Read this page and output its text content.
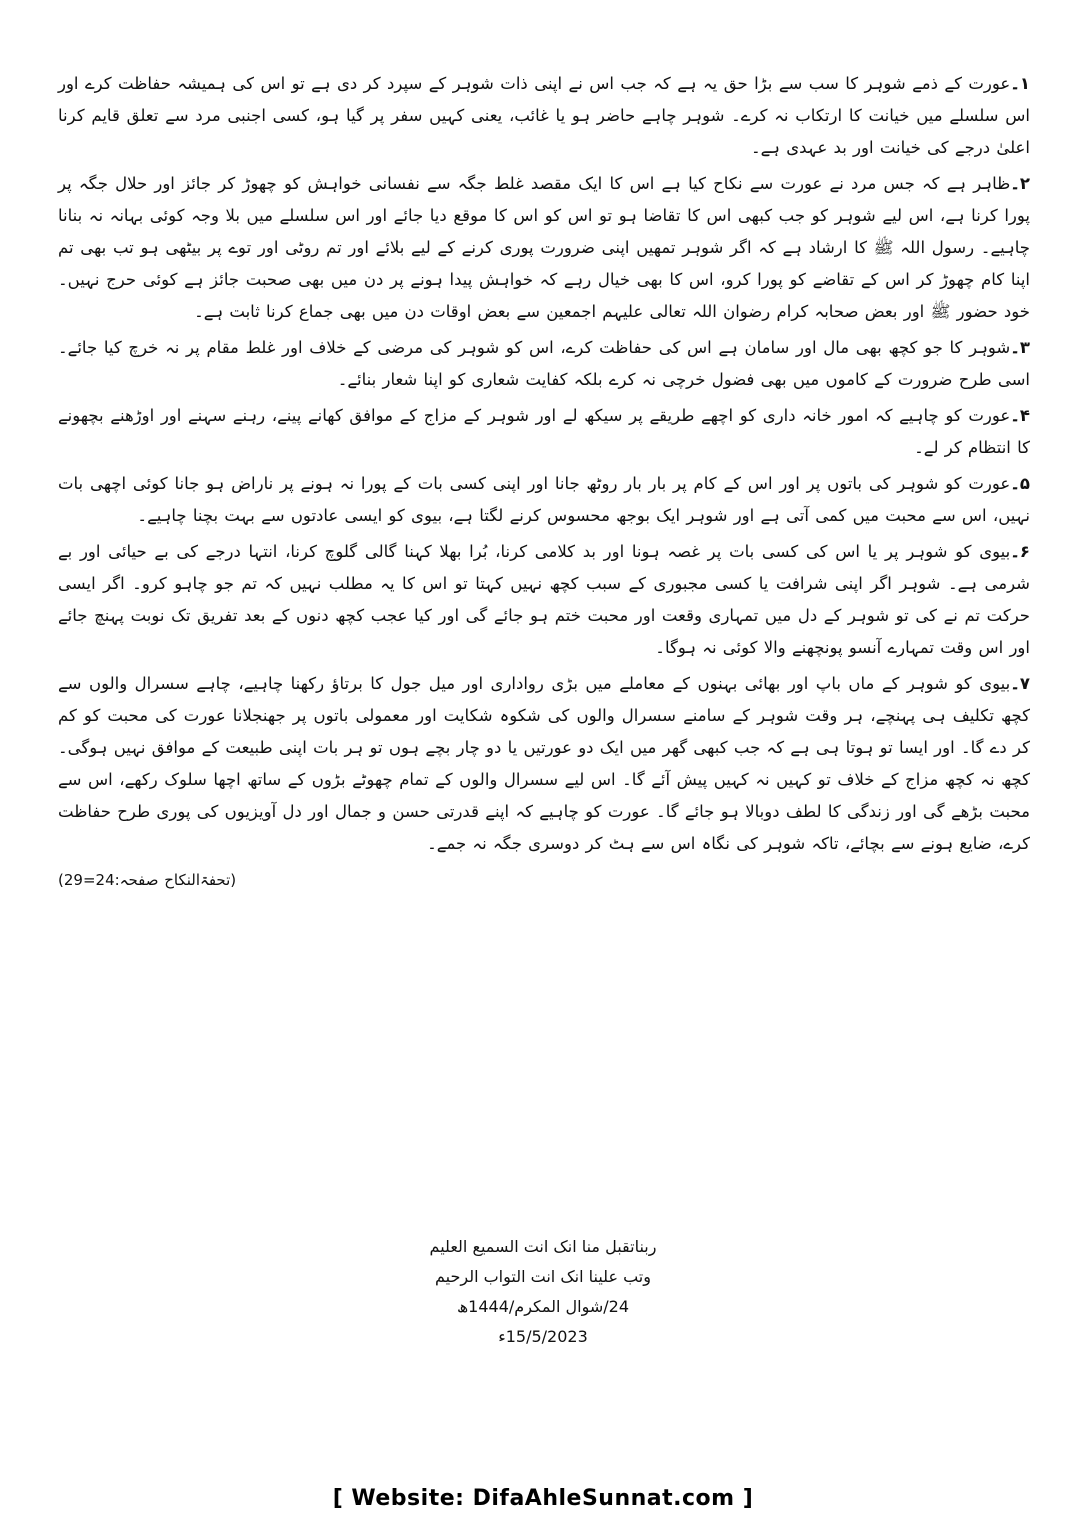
۱۔عورت کے ذمے شوہر کا سب سے بڑا حق یہ ہے کہ جب اس نے اپنی ذات شوہر کے سپرد کر دی ہے تو اس کی ہمیشہ حفاظت کرے اور اس سلسلے میں خیانت کا ارتکاب نہ کرے۔ شوہر چاہے حاضر ہو یا غائب، یعنی کہیں سفر پر گیا ہو، کسی اجنبی مرد سے تعلق قایم کرنا اعلیٰ درجے کی خیانت اور بد عہدی ہے۔

۲۔ظاہر ہے کہ جس مرد نے عورت سے نکاح کیا ہے اس کا ایک مقصد غلط جگہ سے نفسانی خواہش کو چھوڑ کر جائز اور حلال جگہ پر پورا کرنا ہے، اس لیے شوہر کو جب کبھی اس کا تقاضا ہو تو اس کو اس کا موقع دیا جائے اور اس سلسلے میں بلا وجہ کوئی بہانہ نہ بنانا چاہیے۔ رسول اللہ ﷺ کا ارشاد ہے کہ اگر شوہر تمھیں اپنی ضرورت پوری کرنے کے لیے بلائے اور تم روٹی اور توے پر بیٹھی ہو تب بھی تم اپنا کام چھوڑ کر اس کے تقاضے کو پورا کرو، اس کا بھی خیال رہے کہ خواہش پیدا ہونے پر دن میں بھی صحبت جائز ہے کوئی حرج نہیں۔ خود حضور ﷺ اور بعض صحابہ کرام رضوان اللہ تعالی علیہم اجمعین سے بعض اوقات دن میں بھی جماع کرنا ثابت ہے۔

۳۔شوہر کا جو کچھ بھی مال اور سامان ہے اس کی حفاظت کرے، اس کو شوہر کی مرضی کے خلاف اور غلط مقام پر نہ خرچ کیا جائے۔ اسی طرح ضرورت کے کاموں میں بھی فضول خرچی نہ کرے بلکہ کفایت شعاری کو اپنا شعار بنائے۔

۴۔عورت کو چاہیے کہ امور خانہ داری کو اچھے طریقے پر سیکھ لے اور شوہر کے مزاج کے موافق کھانے پینے، رہنے سہنے اور اوڑھنے بچھونے کا انتظام کر لے۔

۵۔عورت کو شوہر کی باتوں پر اور اس کے کام پر بار بار روٹھ جانا اور اپنی کسی بات کے پورا نہ ہونے پر ناراض ہو جانا کوئی اچھی بات نہیں، اس سے محبت میں کمی آتی ہے اور شوہر ایک بوجھ محسوس کرنے لگتا ہے، بیوی کو ایسی عادتوں سے بہت بچنا چاہیے۔

۶۔بیوی کو شوہر پر یا اس کی کسی بات پر غصہ ہونا اور بد کلامی کرنا، بُرا بھلا کہنا گالی گلوچ کرنا، انتہا درجے کی بے حیائی اور بے شرمی ہے۔ شوہر اگر اپنی شرافت یا کسی مجبوری کے سبب کچھ نہیں کہتا تو اس کا یہ مطلب نہیں کہ تم جو چاہو کرو۔ اگر ایسی حرکت تم نے کی تو شوہر کے دل میں تمہاری وقعت اور محبت ختم ہو جائے گی اور کیا عجب کچھ دنوں کے بعد تفریق تک نوبت پہنچ جائے اور اس وقت تمہارے آنسو پونچھنے والا کوئی نہ ہوگا۔

۷۔بیوی کو شوہر کے ماں باپ اور بھائی بہنوں کے معاملے میں بڑی رواداری اور میل جول کا برتاؤ رکھنا چاہیے، چاہے سسرال والوں سے کچھ تکلیف ہی پہنچے، ہر وقت شوہر کے سامنے سسرال والوں کی شکوہ شکایت اور معمولی باتوں پر جھنجلانا عورت کی محبت کو کم کر دے گا۔ اور ایسا تو ہوتا ہی ہے کہ جب کبھی گھر میں ایک دو عورتیں یا دو چار بچے ہوں تو ہر بات اپنی طبیعت کے موافق نہیں ہوگی۔ کچھ نہ کچھ مزاج کے خلاف تو کہیں نہ کہیں پیش آئے گا۔ اس لیے سسرال والوں کے تمام چھوٹے بڑوں کے ساتھ اچھا سلوک رکھے، اس سے محبت بڑھے گی اور زندگی کا لطف دوبالا ہو جائے گا۔ عورت کو چاہیے کہ اپنے قدرتی حسن و جمال اور دل آویزیوں کی پوری طرح حفاظت کرے، ضایع ہونے سے بچائے، تاکہ شوہر کی نگاہ اس سے ہٹ کر دوسری جگہ نہ جمے۔

(تحفۃالنکاح صفحہ:24=29)
ربناتقبل منا انک انت السمیع العلیم
وتب علینا انک انت التواب الرحیم
24/شوال المکرم/1444ھ
15/5/2023ء
[ Website: DifaAhleSunnat.com ]
